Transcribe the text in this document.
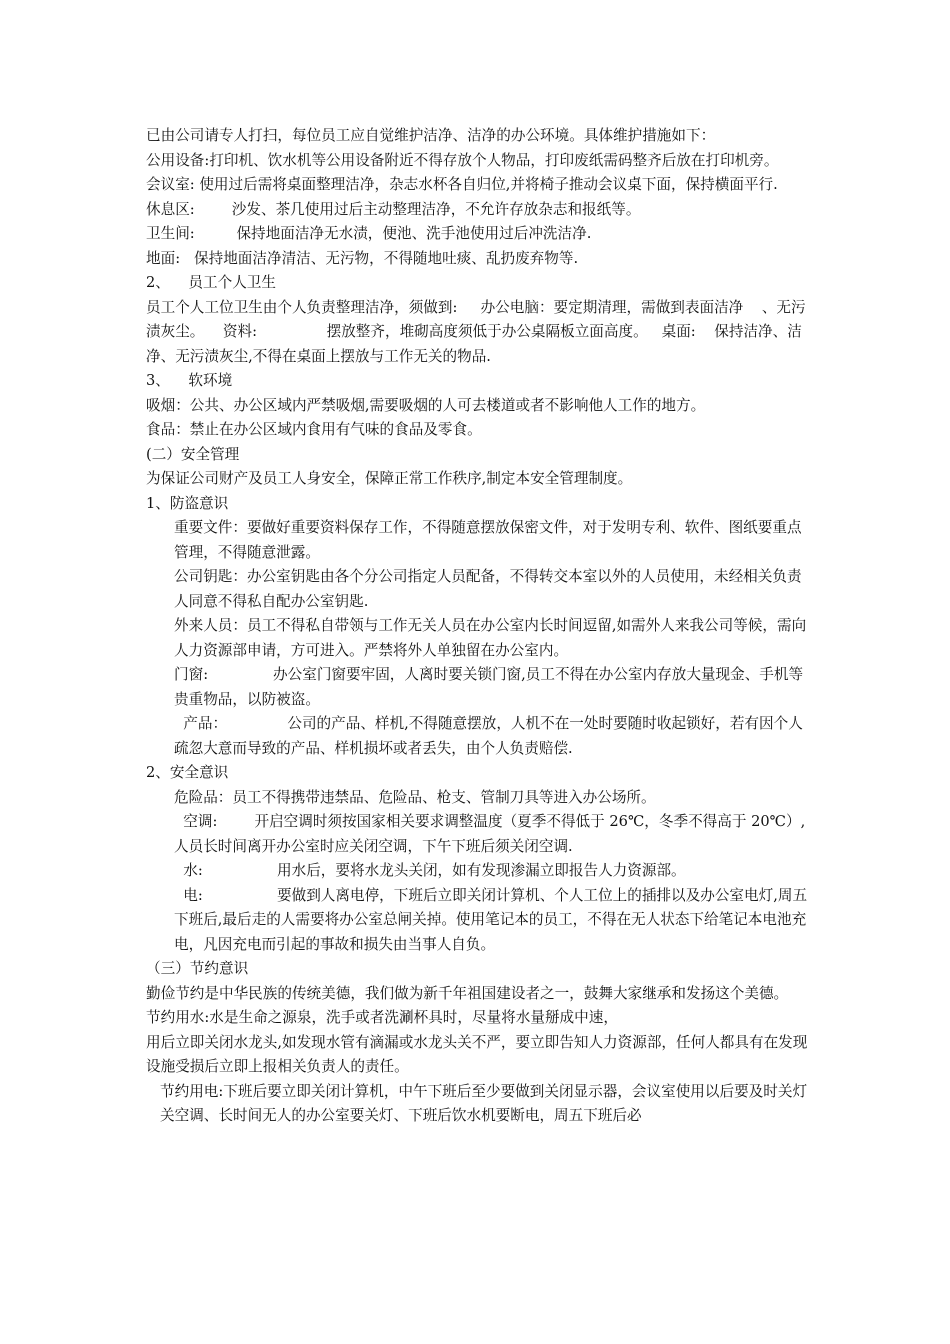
已由公司请专人打扫，每位员工应自觉维护洁净、洁净的办公环境。具体维护措施如下：

公用设备:打印机、饮水机等公用设备附近不得存放个人物品，打印废纸需码整齐后放在打印机旁。

会议室: 使用过后需将桌面整理洁净，杂志水杯各自归位,并将椅子推动会议桌下面，保持横面平行.

休息区:        沙发、茶几使用过后主动整理洁净，不允许存放杂志和报纸等。

卫生间:         保持地面洁净无水渍，便池、洗手池使用过后冲洗洁净.

地面:   保持地面洁净清洁、无污物，不得随地吐痰、乱扔废弃物等.

2、    员工个人卫生

员工个人工位卫生由个人负责整理洁净，须做到:     办公电脑：要定期清理，需做到表面洁净    、无污渍灰尘。    资料:               摆放整齐，堆砌高度须低于办公桌隔板立面高度。   桌面:    保持洁净、洁净、无污渍灰尘,不得在桌面上摆放与工作无关的物品.

3、    软环境

吸烟：公共、办公区域内严禁吸烟,需要吸烟的人可去楼道或者不影响他人工作的地方。

食品：禁止在办公区域内食用有气味的食品及零食。

(二）安全管理

为保证公司财产及员工人身安全，保障正常工作秩序,制定本安全管理制度。

1、防盗意识

重要文件：要做好重要资料保存工作，不得随意摆放保密文件，对于发明专利、软件、图纸要重点管理，不得随意泄露。

公司钥匙：办公室钥匙由各个分公司指定人员配备，不得转交本室以外的人员使用，未经相关负责人同意不得私自配办公室钥匙.

外来人员：员工不得私自带领与工作无关人员在办公室内长时间逗留,如需外人来我公司等候，需向人力资源部申请，方可进入。严禁将外人单独留在办公室内。

门窗:              办公室门窗要牢固，人离时要关锁门窗,员工不得在办公室内存放大量现金、手机等贵重物品，以防被盗。

产品：             公司的产品、样机,不得随意摆放，人机不在一处时要随时收起锁好，若有因个人疏忽大意而导致的产品、样机损坏或者丢失，由个人负责赔偿.

2、安全意识

危险品：员工不得携带违禁品、危险品、枪支、管制刀具等进入办公场所。

空调:        开启空调时须按国家相关要求调整温度（夏季不得低于 26℃，冬季不得高于 20℃）,人员长时间离开办公室时应关闭空调，下午下班后须关闭空调.

水:                用水后，要将水龙头关闭，如有发现渗漏立即报告人力资源部。

电:                要做到人离电停，下班后立即关闭计算机、个人工位上的插排以及办公室电灯,周五下班后,最后走的人需要将办公室总闸关掉。使用笔记本的员工，不得在无人状态下给笔记本电池充电，凡因充电而引起的事故和损失由当事人自负。

（三）节约意识

勤俭节约是中华民族的传统美德，我们做为新千年祖国建设者之一，鼓舞大家继承和发扬这个美德。

节约用水:水是生命之源泉，洗手或者洗涮杯具时，尽量将水量掰成中速，

用后立即关闭水龙头,如发现水管有滴漏或水龙头关不严，要立即告知人力资源部，任何人都具有在发现设施受损后立即上报相关负责人的责任。

节约用电:下班后要立即关闭计算机，中午下班后至少要做到关闭显示器，会议室使用以后要及时关灯关空调、长时间无人的办公室要关灯、下班后饮水机要断电，周五下班后必
